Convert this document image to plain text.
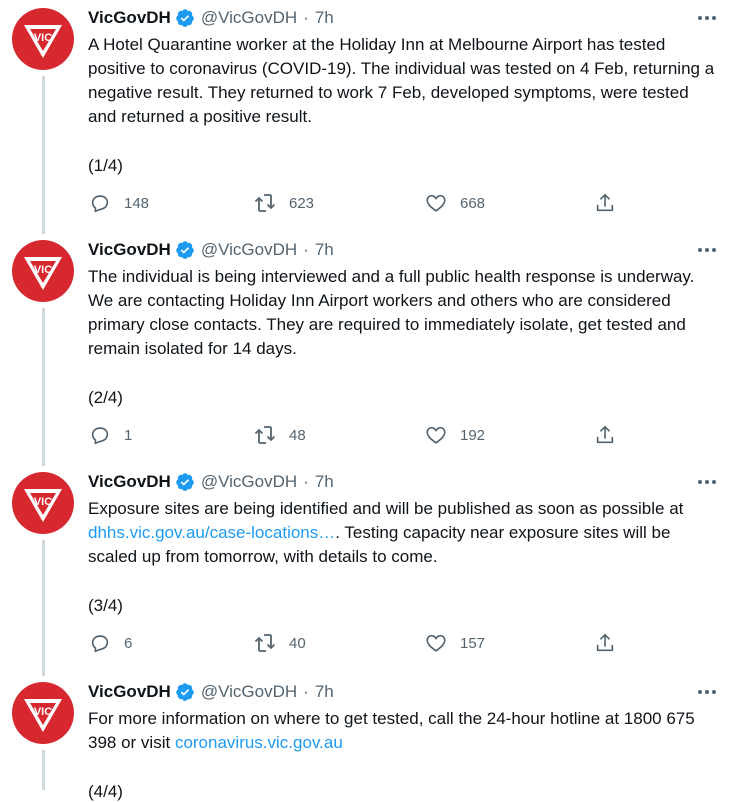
VIC
VicGovDH @VicGovDH · 7h
A Hotel Quarantine worker at the Holiday Inn at Melbourne Airport has tested positive to coronavirus (COVID-19). The individual was tested on 4 Feb, returning a negative result. They returned to work 7 Feb, developed symptoms, were tested and returned a positive result.
(1/4)
148	623	668
VIC
VicGovDH @VicGovDH · 7h
The individual is being interviewed and a full public health response is underway. We are contacting Holiday Inn Airport workers and others who are considered primary close contacts. They are required to immediately isolate, get tested and remain isolated for 14 days.
(2/4)
1	48	192
VIC
VicGovDH @VicGovDH · 7h
Exposure sites are being identified and will be published as soon as possible at dhhs.vic.gov.au/case-locations…. Testing capacity near exposure sites will be scaled up from tomorrow, with details to come.
(3/4)
6	40	157
VIC
VicGovDH @VicGovDH · 7h
For more information on where to get tested, call the 24-hour hotline at 1800 675 398 or visit coronavirus.vic.gov.au
(4/4)
